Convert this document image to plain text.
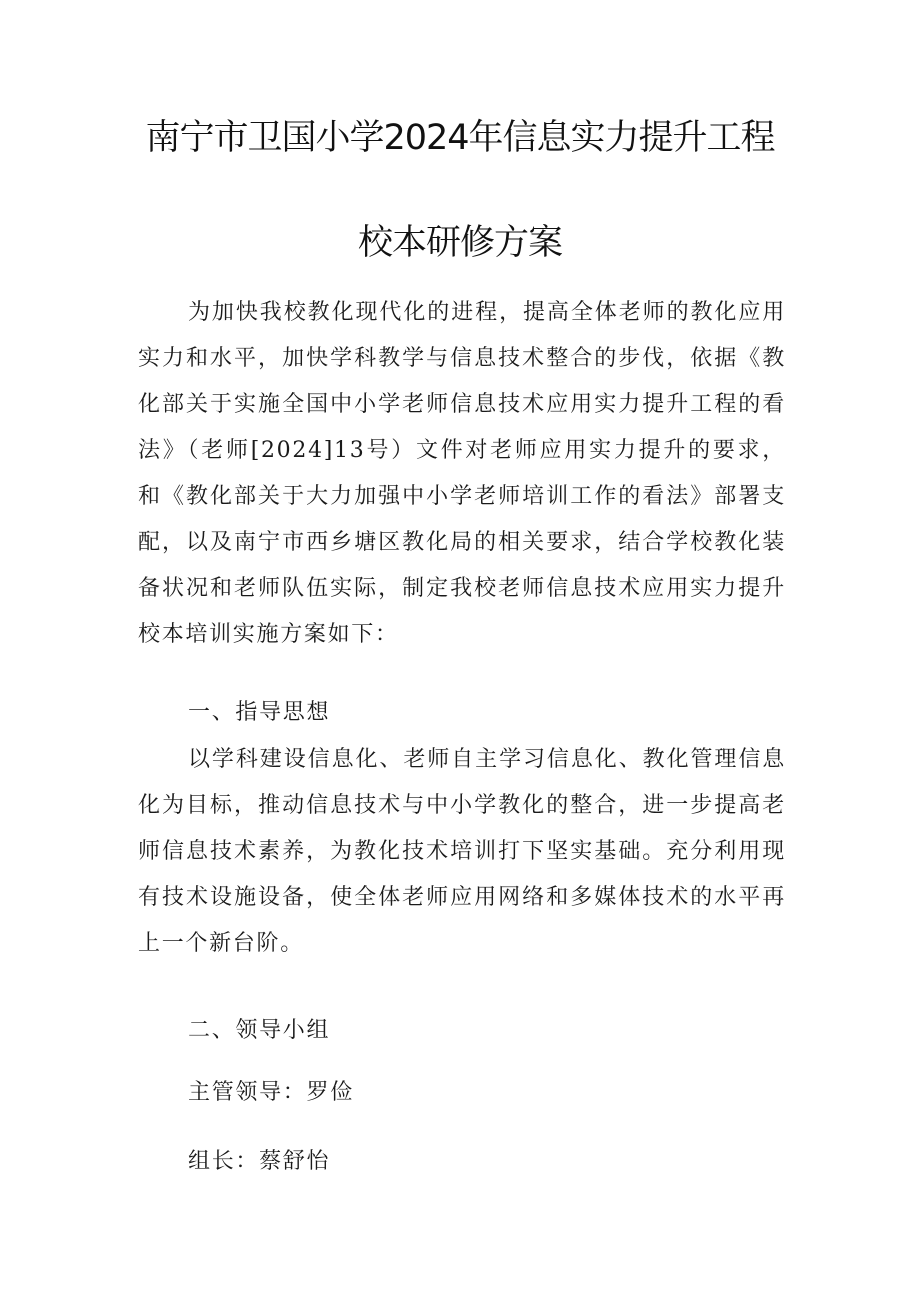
南宁市卫国小学2024年信息实力提升工程
校本研修方案

为加快我校教化现代化的进程，提高全体老师的教化应用实力和水平，加快学科教学与信息技术整合的步伐，依据《教化部关于实施全国中小学老师信息技术应用实力提升工程的看法》（老师[2024]13号）文件对老师应用实力提升的要求，和《教化部关于大力加强中小学老师培训工作的看法》部署支配，以及南宁市西乡塘区教化局的相关要求，结合学校教化装备状况和老师队伍实际，制定我校老师信息技术应用实力提升校本培训实施方案如下：

一、指导思想

以学科建设信息化、老师自主学习信息化、教化管理信息化为目标，推动信息技术与中小学教化的整合，进一步提高老师信息技术素养，为教化技术培训打下坚实基础。充分利用现有技术设施设备，使全体老师应用网络和多媒体技术的水平再上一个新台阶。

二、领导小组

主管领导：罗俭

组长：蔡舒怡
